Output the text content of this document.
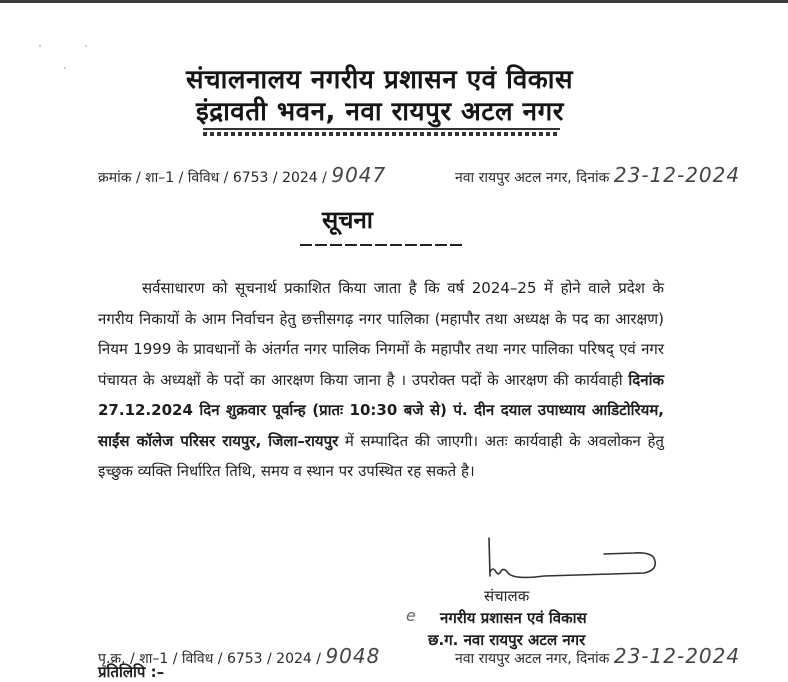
संचालनालय नगरीय प्रशासन एवं विकास
इंद्रावती भवन, नवा रायपुर अटल नगर
क्रमांक / शा–1 / विविध / 6753 / 2024 / 9047	नवा रायपुर अटल नगर, दिनांक 23-12-2024
सूचना
सर्वसाधारण को सूचनार्थ प्रकाशित किया जाता है कि वर्ष 2024–25 में होने वाले प्रदेश के नगरीय निकायों के आम निर्वाचन हेतु छत्तीसगढ़ नगर पालिका (महापौर तथा अध्यक्ष के पद का आरक्षण) नियम 1999 के प्रावधानों के अंतर्गत नगर पालिक निगमों के महापौर तथा नगर पालिका परिषद् एवं नगर पंचायत के अध्यक्षों के पदों का आरक्षण किया जाना है । उपरोक्त पदों के आरक्षण की कार्यवाही दिनांक 27.12.2024 दिन शुक्रवार पूर्वान्ह (प्रातः 10:30 बजे से) पं. दीन दयाल उपाध्याय आडिटोरियम, साईंस कॉलेज परिसर रायपुर, जिला–रायपुर में सम्पादित की जाएगी। अतः कार्यवाही के अवलोकन हेतु इच्छुक व्यक्ति निर्धारित तिथि, समय व स्थान पर उपस्थित रह सकते है।
e
संचालक
नगरीय प्रशासन एवं विकास
छ.ग. नवा रायपुर अटल नगर
पृ.क्र. / शा–1 / विविध / 6753 / 2024 / 9048	नवा रायपुर अटल नगर, दिनांक 23-12-2024
प्रतिलिपि :–
